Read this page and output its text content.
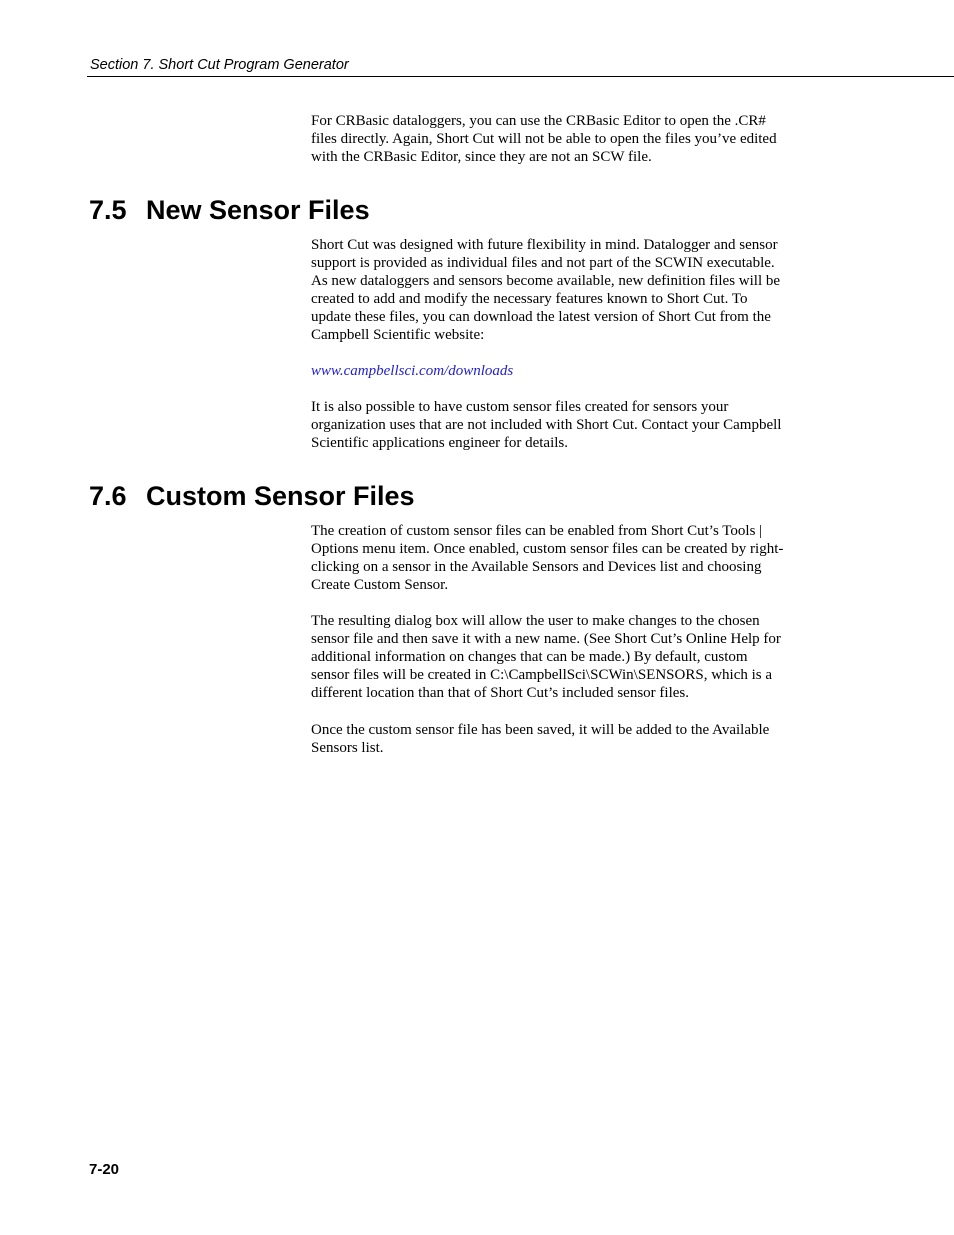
Section 7. Short Cut Program Generator

For CRBasic dataloggers, you can use the CRBasic Editor to open the .CR#
files directly. Again, Short Cut will not be able to open the files you’ve edited
with the CRBasic Editor, since they are not an SCW file.

7.5 New Sensor Files

Short Cut was designed with future flexibility in mind. Datalogger and sensor
support is provided as individual files and not part of the SCWIN executable.
As new dataloggers and sensors become available, new definition files will be
created to add and modify the necessary features known to Short Cut. To
update these files, you can download the latest version of Short Cut from the
Campbell Scientific website:

www.campbellsci.com/downloads

It is also possible to have custom sensor files created for sensors your
organization uses that are not included with Short Cut. Contact your Campbell
Scientific applications engineer for details.

7.6 Custom Sensor Files

The creation of custom sensor files can be enabled from Short Cut’s Tools |
Options menu item. Once enabled, custom sensor files can be created by right-
clicking on a sensor in the Available Sensors and Devices list and choosing
Create Custom Sensor.

The resulting dialog box will allow the user to make changes to the chosen
sensor file and then save it with a new name. (See Short Cut’s Online Help for
additional information on changes that can be made.) By default, custom
sensor files will be created in C:\CampbellSci\SCWin\SENSORS, which is a
different location than that of Short Cut’s included sensor files.

Once the custom sensor file has been saved, it will be added to the Available
Sensors list.

7-20
